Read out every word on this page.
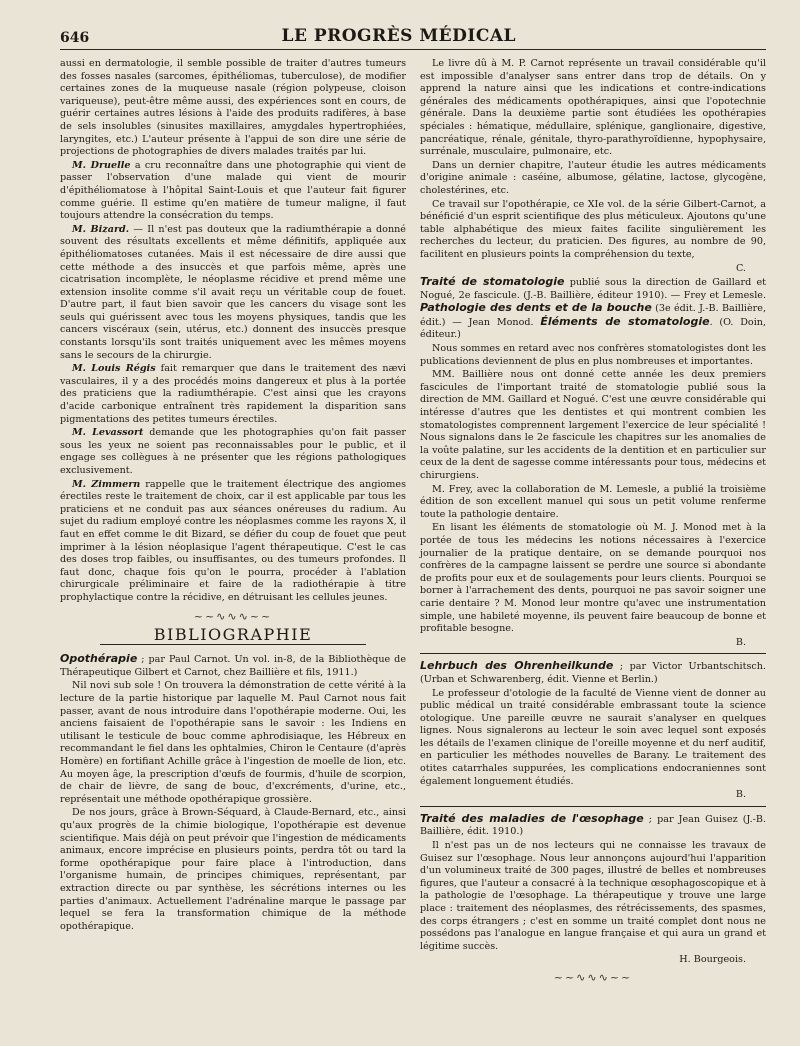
646	LE PROGRÈS MÉDICAL

aussi en dermatologie, il semble possible de traiter d'autres tumeurs des fosses nasales (sarcomes, épithéliomas, tuberculose), de modifier certaines zones de la muqueuse nasale (région polypeuse, cloison variqueuse), peut-être même aussi, des expériences sont en cours, de guérir certaines autres lésions à l'aide des produits radifères, à base de sels insolubles (sinusites maxillaires, amygdales hypertrophiées, laryngites, etc.) L'auteur présente à l'appui de son dire une série de projections de photographies de divers malades traités par lui.

M. Druelle a cru reconnaître dans une photographie qui vient de passer l'observation d'une malade qui vient de mourir d'épithéliomatose à l'hôpital Saint-Louis et que l'auteur fait figurer comme guérie. Il estime qu'en matière de tumeur maligne, il faut toujours attendre la consécration du temps.

M. Bizard. — Il n'est pas douteux que la radiumthérapie a donné souvent des résultats excellents et même définitifs, appliquée aux épithéliomatoses cutanées. Mais il est nécessaire de dire aussi que cette méthode a des insuccès et que parfois même, après une cicatrisation incomplète, le néoplasme récidive et prend même une extension insolite comme s'il avait reçu un véritable coup de fouet. D'autre part, il faut bien savoir que les cancers du visage sont les seuls qui guérissent avec tous les moyens physiques, tandis que les cancers viscéraux (sein, utérus, etc.) donnent des insuccès presque constants lorsqu'ils sont traités uniquement avec les mêmes moyens sans le secours de la chirurgie.

M. Louis Régis fait remarquer que dans le traitement des nævi vasculaires, il y a des procédés moins dangereux et plus à la portée des praticiens que la radiumthérapie. C'est ainsi que les crayons d'acide carbonique entraînent très rapidement la disparition sans pigmentations des petites tumeurs érectiles.

M. Levassort demande que les photographies qu'on fait passer sous les yeux ne soient pas reconnaissables pour le public, et il engage ses collègues à ne présenter que les régions pathologiques exclusivement.

M. Zimmern rappelle que le traitement électrique des angiomes érectiles reste le traitement de choix, car il est applicable par tous les praticiens et ne conduit pas aux séances onéreuses du radium. Au sujet du radium employé contre les néoplasmes comme les rayons X, il faut en effet comme le dit Bizard, se défier du coup de fouet que peut imprimer à la lésion néoplasique l'agent thérapeutique. C'est le cas des doses trop faibles, ou insuffisantes, ou des tumeurs profondes. Il faut donc, chaque fois qu'on le pourra, procéder à l'ablation chirurgicale préliminaire et faire de la radiothérapie à titre prophylactique contre la récidive, en détruisant les cellules jeunes.

~~∿∿∿~~
BIBLIOGRAPHIE

Opothérapie ; par Paul Carnot. Un vol. in-8, de la Bibliothèque de Thérapeutique Gilbert et Carnot, chez Baillière et fils, 1911.)

Nil novi sub sole ! On trouvera la démonstration de cette vérité à la lecture de la partie historique par laquelle M. Paul Carnot nous fait passer, avant de nous introduire dans l'opothérapie moderne. Oui, les anciens faisaient de l'opothérapie sans le savoir : les Indiens en utilisant le testicule de bouc comme aphrodisiaque, les Hébreux en recommandant le fiel dans les ophtalmies, Chiron le Centaure (d'après Homère) en fortifiant Achille grâce à l'ingestion de moelle de lion, etc. Au moyen âge, la prescription d'œufs de fourmis, d'huile de scorpion, de chair de lièvre, de sang de bouc, d'excréments, d'urine, etc., représentait une méthode opothérapique grossière.

De nos jours, grâce à Brown-Séquard, à Claude-Bernard, etc., ainsi qu'aux progrès de la chimie biologique, l'opothérapie est devenue scientifique. Mais déjà on peut prévoir que l'ingestion de médicaments animaux, encore imprécise en plusieurs points, perdra tôt ou tard la forme opothérapique pour faire place à l'introduction, dans l'organisme humain, de principes chimiques, représentant, par extraction directe ou par synthèse, les sécrétions internes ou les parties d'animaux. Actuellement l'adrénaline marque le passage par lequel se fera la transformation chimique de la méthode opothérapique.

Le livre dû à M. P. Carnot représente un travail considérable qu'il est impossible d'analyser sans entrer dans trop de détails. On y apprend la nature ainsi que les indications et contre-indications générales des médicaments opothérapiques, ainsi que l'opotechnie générale. Dans la deuxième partie sont étudiées les opothérapies spéciales : hématique, médullaire, splénique, ganglionaire, digestive, pancréatique, rénale, génitale, thyro-parathyroïdienne, hypophysaire, surrénale, musculaire, pulmonaire, etc.

Dans un dernier chapitre, l'auteur étudie les autres médicaments d'origine animale : caséine, albumose, gélatine, lactose, glycogène, cholestérines, etc.

Ce travail sur l'opothérapie, ce XIe vol. de la série Gilbert-Carnot, a bénéficié d'un esprit scientifique des plus méticuleux. Ajoutons qu'une table alphabétique des mieux faites facilite singulièrement les recherches du lecteur, du praticien. Des figures, au nombre de 90, facilitent en plusieurs points la compréhension du texte,

C.

Traité de stomatologie publié sous la direction de Gaillard et Nogué, 2e fascicule. (J.-B. Baillière, éditeur 1910). — Frey et Lemesle. Pathologie des dents et de la bouche (3e édit. J.-B. Baillière, édit.) — Jean Monod. Éléments de stomatologie. (O. Doin, éditeur.)

Nous sommes en retard avec nos confrères stomatologistes dont les publications deviennent de plus en plus nombreuses et importantes.

MM. Baillière nous ont donné cette année les deux premiers fascicules de l'important traité de stomatologie publié sous la direction de MM. Gaillard et Nogué. C'est une œuvre considérable qui intéresse d'autres que les dentistes et qui montrent combien les stomatologistes comprennent largement l'exercice de leur spécialité ! Nous signalons dans le 2e fascicule les chapitres sur les anomalies de la voûte palatine, sur les accidents de la dentition et en particulier sur ceux de la dent de sagesse comme intéressants pour tous, médecins et chirurgiens.

M. Frey, avec la collaboration de M. Lemesle, a publié la troisième édition de son excellent manuel qui sous un petit volume renferme toute la pathologie dentaire.

En lisant les éléments de stomatologie où M. J. Monod met à la portée de tous les médecins les notions nécessaires à l'exercice journalier de la pratique dentaire, on se demande pourquoi nos confrères de la campagne laissent se perdre une source si abondante de profits pour eux et de soulagements pour leurs clients. Pourquoi se borner à l'arrachement des dents, pourquoi ne pas savoir soigner une carie dentaire ? M. Monod leur montre qu'avec une instrumentation simple, une habileté moyenne, ils peuvent faire beaucoup de bonne et profitable besogne.

B.

Lehrbuch des Ohrenheilkunde ; par Victor Urbantschitsch. (Urban et Schwarenberg, édit. Vienne et Berlin.)

Le professeur d'otologie de la faculté de Vienne vient de donner au public médical un traité considérable embrassant toute la science otologique. Une pareille œuvre ne saurait s'analyser en quelques lignes. Nous signalerons au lecteur le soin avec lequel sont exposés les détails de l'examen clinique de l'oreille moyenne et du nerf auditif, en particulier les méthodes nouvelles de Barany. Le traitement des otites catarrhales suppurées, les complications endocraniennes sont également longuement étudiés.

B.

Traité des maladies de l'œsophage ; par Jean Guisez (J.-B. Baillière, édit. 1910.)

Il n'est pas un de nos lecteurs qui ne connaisse les travaux de Guisez sur l'œsophage. Nous leur annonçons aujourd'hui l'apparition d'un volumineux traité de 300 pages, illustré de belles et nombreuses figures, que l'auteur a consacré à la technique œsophagoscopique et à la pathologie de l'œsophage. La thérapeutique y trouve une large place : traitement des néoplasmes, des rétrécissements, des spasmes, des corps étrangers ; c'est en somme un traité complet dont nous ne possédons pas l'analogue en langue française et qui aura un grand et légitime succès.

H. Bourgeois.

~~∿∿∿~~
